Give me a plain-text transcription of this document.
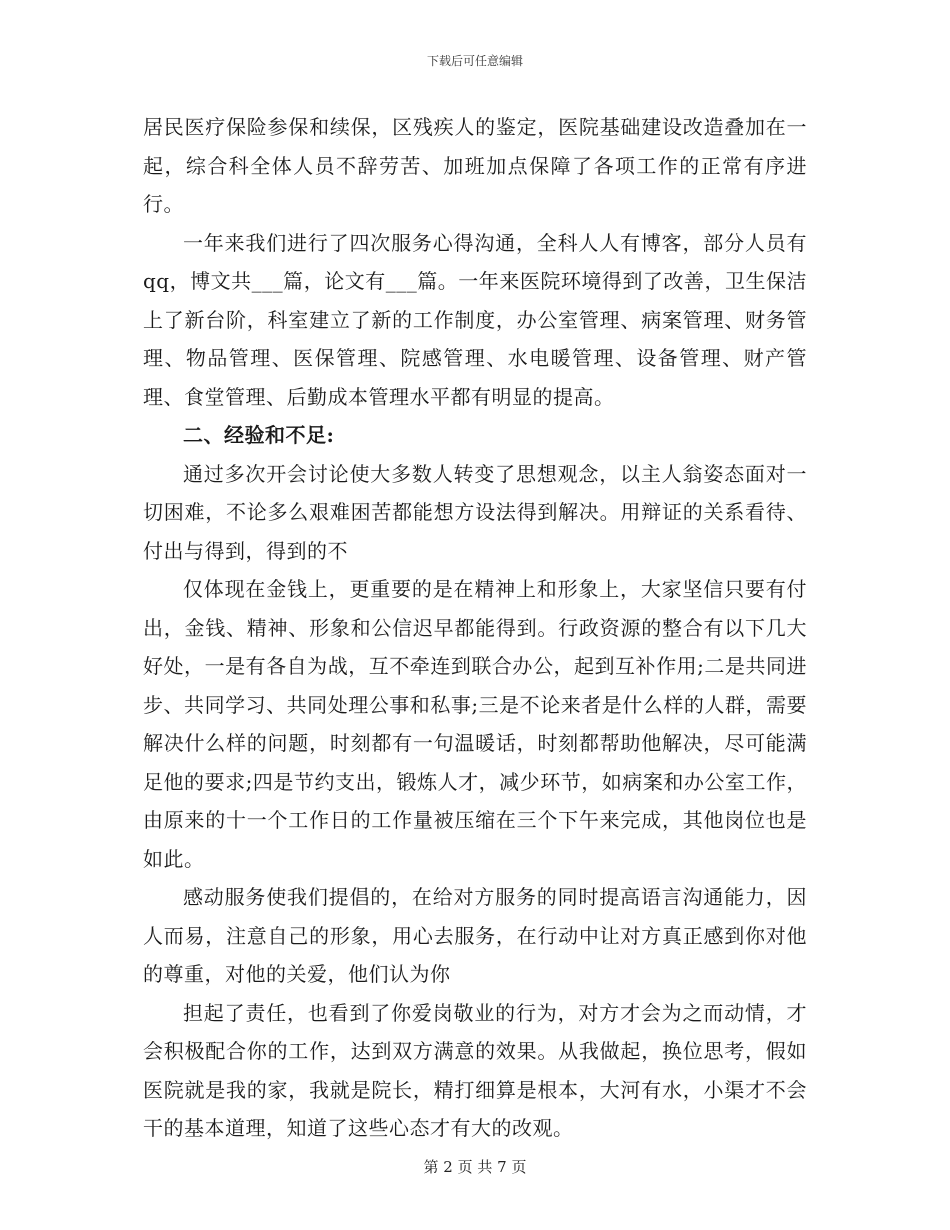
下载后可任意编辑

居民医疗保险参保和续保，区残疾人的鉴定，医院基础建设改造叠加在一起，综合科全体人员不辞劳苦、加班加点保障了各项工作的正常有序进行。

一年来我们进行了四次服务心得沟通，全科人人有博客，部分人员有qq，博文共___篇，论文有___篇。一年来医院环境得到了改善，卫生保洁上了新台阶，科室建立了新的工作制度，办公室管理、病案管理、财务管理、物品管理、医保管理、院感管理、水电暖管理、设备管理、财产管理、食堂管理、后勤成本管理水平都有明显的提高。

二、经验和不足:

通过多次开会讨论使大多数人转变了思想观念，以主人翁姿态面对一切困难，不论多么艰难困苦都能想方设法得到解决。用辩证的关系看待、付出与得到，得到的不

仅体现在金钱上，更重要的是在精神上和形象上，大家坚信只要有付出，金钱、精神、形象和公信迟早都能得到。行政资源的整合有以下几大好处，一是有各自为战，互不牵连到联合办公，起到互补作用;二是共同进步、共同学习、共同处理公事和私事;三是不论来者是什么样的人群，需要解决什么样的问题，时刻都有一句温暖话，时刻都帮助他解决，尽可能满足他的要求;四是节约支出，锻炼人才，减少环节，如病案和办公室工作，由原来的十一个工作日的工作量被压缩在三个下午来完成，其他岗位也是如此。

感动服务使我们提倡的，在给对方服务的同时提高语言沟通能力，因人而易，注意自己的形象，用心去服务，在行动中让对方真正感到你对他的尊重，对他的关爱，他们认为你

担起了责任，也看到了你爱岗敬业的行为，对方才会为之而动情，才会积极配合你的工作，达到双方满意的效果。从我做起，换位思考，假如医院就是我的家，我就是院长，精打细算是根本，大河有水，小渠才不会干的基本道理，知道了这些心态才有大的改观。

第 2 页 共 7 页
